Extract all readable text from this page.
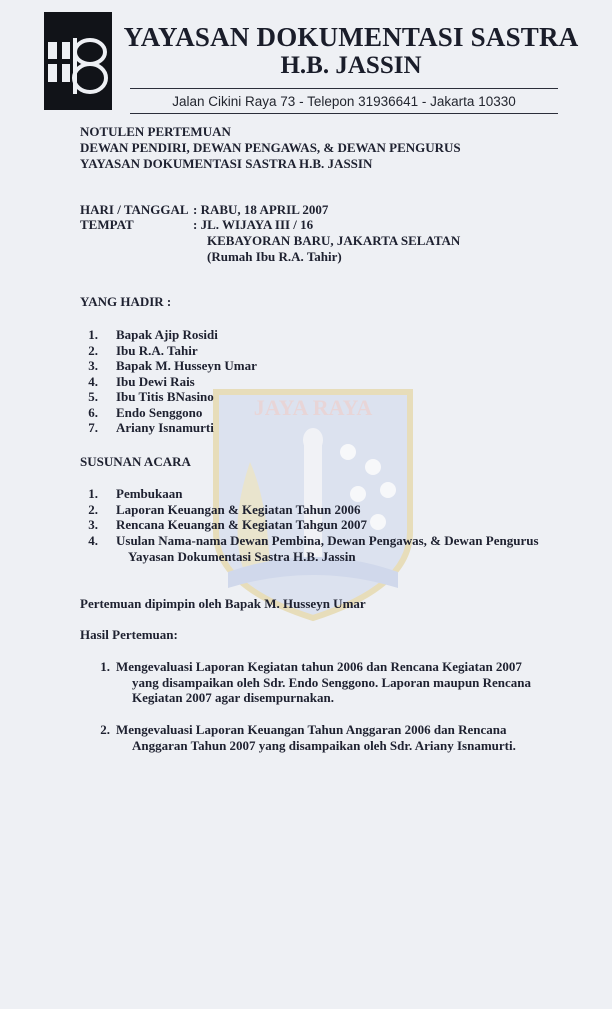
YAYASAN DOKUMENTASI SASTRA
H.B. JASSIN
Jalan Cikini Raya 73 - Telepon 31936641 - Jakarta 10330
JAYA RAYA
NOTULEN PERTEMUAN
DEWAN PENDIRI, DEWAN PENGAWAS, & DEWAN PENGURUS
YAYASAN DOKUMENTASI SASTRA H.B. JASSIN
HARI / TANGGAL : RABU, 18 APRIL 2007
TEMPAT	: JL. WIJAYA III / 16
KEBAYORAN BARU, JAKARTA SELATAN
(Rumah Ibu R.A. Tahir)
YANG HADIR :
1. Bapak Ajip Rosidi
2. Ibu R.A. Tahir
3. Bapak M. Husseyn Umar
4. Ibu Dewi Rais
5. Ibu Titis BNasino
6. Endo Senggono
7. Ariany Isnamurti
SUSUNAN ACARA
1. Pembukaan
2. Laporan Keuangan & Kegiatan Tahun 2006
3. Rencana Keuangan & Kegiatan Tahgun 2007
4. Usulan Nama-nama Dewan Pembina, Dewan Pengawas, & Dewan Pengurus
Yayasan Dokumentasi Sastra H.B. Jassin
Pertemuan dipimpin oleh Bapak M. Husseyn Umar
Hasil Pertemuan:
1. Mengevaluasi Laporan Kegiatan tahun 2006 dan Rencana Kegiatan 2007
yang disampaikan oleh Sdr. Endo Senggono. Laporan maupun Rencana
Kegiatan 2007 agar disempurnakan.
2. Mengevaluasi Laporan Keuangan Tahun Anggaran 2006 dan Rencana
Anggaran Tahun 2007 yang disampaikan oleh Sdr. Ariany Isnamurti.
